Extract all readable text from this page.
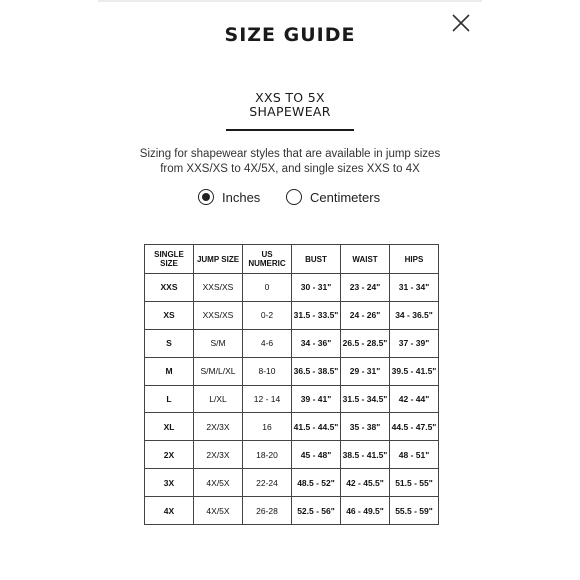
SIZE GUIDE
XXS TO 5X
SHAPEWEAR
Sizing for shapewear styles that are available in jump sizes
from XXS/XS to 4X/5X, and single sizes XXS to 4X
Inches	Centimeters
SINGLE SIZE	JUMP SIZE	US NUMERIC	BUST	WAIST	HIPS
XXS	XXS/XS	0	30 - 31"	23 - 24"	31 - 34"
XS	XXS/XS	0-2	31.5 - 33.5"	24 - 26"	34 - 36.5"
S	S/M	4-6	34 - 36"	26.5 - 28.5"	37 - 39"
M	S/M/L/XL	8-10	36.5 - 38.5"	29 - 31"	39.5 - 41.5"
L	L/XL	12 - 14	39 - 41"	31.5 - 34.5"	42 - 44"
XL	2X/3X	16	41.5 - 44.5"	35 - 38"	44.5 - 47.5"
2X	2X/3X	18-20	45 - 48"	38.5 - 41.5"	48 - 51"
3X	4X/5X	22-24	48.5 - 52"	42 - 45.5"	51.5 - 55"
4X	4X/5X	26-28	52.5 - 56"	46 - 49.5"	55.5 - 59"
